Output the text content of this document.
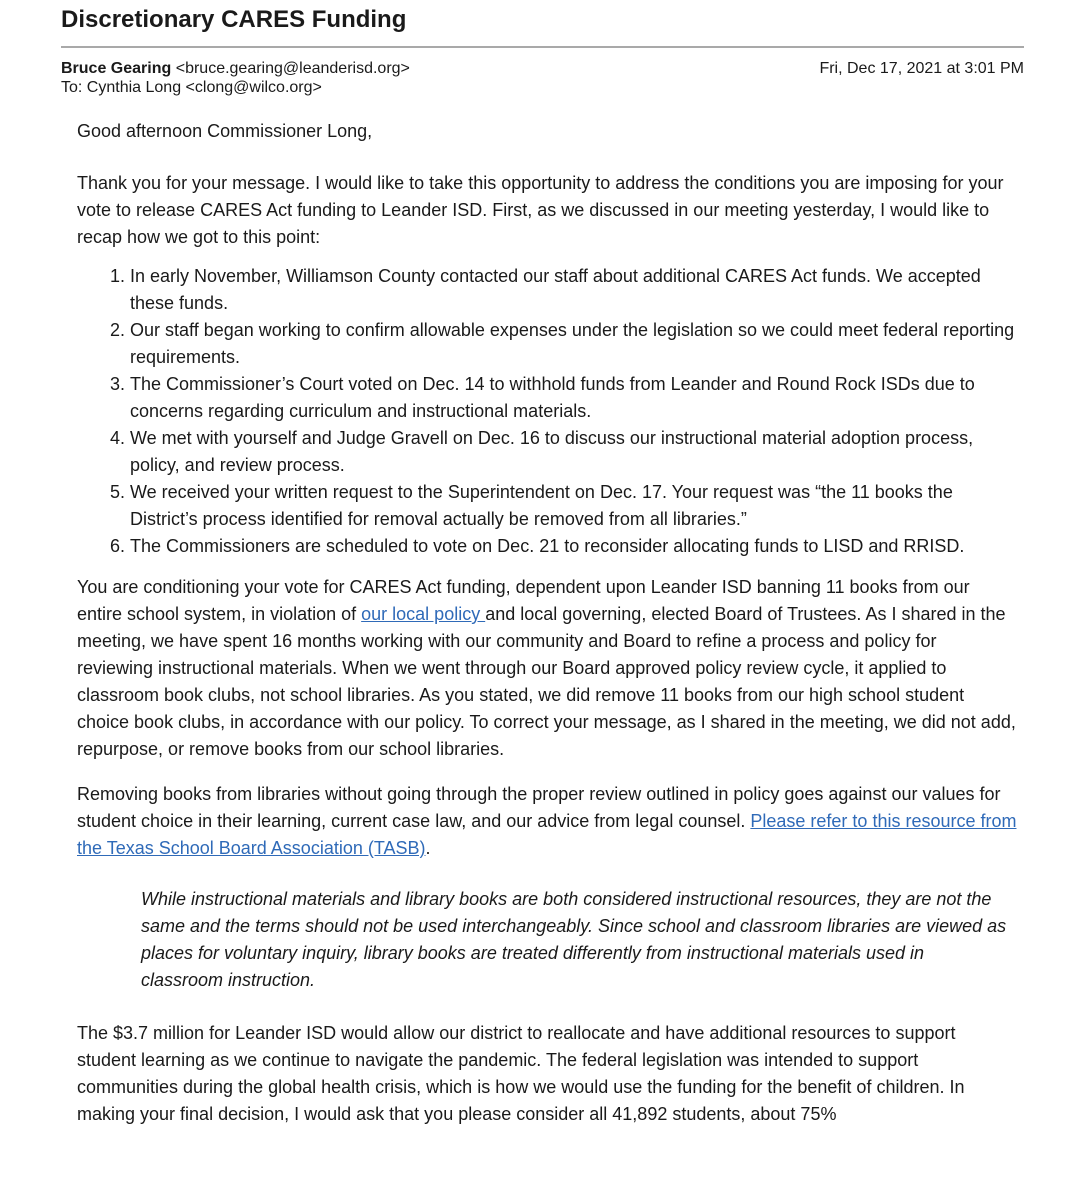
Discretionary CARES Funding
Bruce Gearing <bruce.gearing@leanderisd.org>	Fri, Dec 17, 2021 at 3:01 PM
To: Cynthia Long <clong@wilco.org>

Good afternoon Commissioner Long,

Thank you for your message. I would like to take this opportunity to address the conditions you are imposing for your vote to release CARES Act funding to Leander ISD. First, as we discussed in our meeting yesterday, I would like to recap how we got to this point:

1. In early November, Williamson County contacted our staff about additional CARES Act funds. We accepted these funds.
2. Our staff began working to confirm allowable expenses under the legislation so we could meet federal reporting requirements.
3. The Commissioner’s Court voted on Dec. 14 to withhold funds from Leander and Round Rock ISDs due to concerns regarding curriculum and instructional materials.
4. We met with yourself and Judge Gravell on Dec. 16 to discuss our instructional material adoption process, policy, and review process.
5. We received your written request to the Superintendent on Dec. 17. Your request was “the 11 books the District’s process identified for removal actually be removed from all libraries.”
6. The Commissioners are scheduled to vote on Dec. 21 to reconsider allocating funds to LISD and RRISD.

You are conditioning your vote for CARES Act funding, dependent upon Leander ISD banning 11 books from our entire school system, in violation of our local policy and local governing, elected Board of Trustees. As I shared in the meeting, we have spent 16 months working with our community and Board to refine a process and policy for reviewing instructional materials. When we went through our Board approved policy review cycle, it applied to classroom book clubs, not school libraries. As you stated, we did remove 11 books from our high school student choice book clubs, in accordance with our policy. To correct your message, as I shared in the meeting, we did not add, repurpose, or remove books from our school libraries.

Removing books from libraries without going through the proper review outlined in policy goes against our values for student choice in their learning, current case law, and our advice from legal counsel. Please refer to this resource from the Texas School Board Association (TASB).

While instructional materials and library books are both considered instructional resources, they are not the same and the terms should not be used interchangeably. Since school and classroom libraries are viewed as places for voluntary inquiry, library books are treated differently from instructional materials used in classroom instruction.

The $3.7 million for Leander ISD would allow our district to reallocate and have additional resources to support student learning as we continue to navigate the pandemic. The federal legislation was intended to support communities during the global health crisis, which is how we would use the funding for the benefit of children. In making your final decision, I would ask that you please consider all 41,892 students, about 75%
